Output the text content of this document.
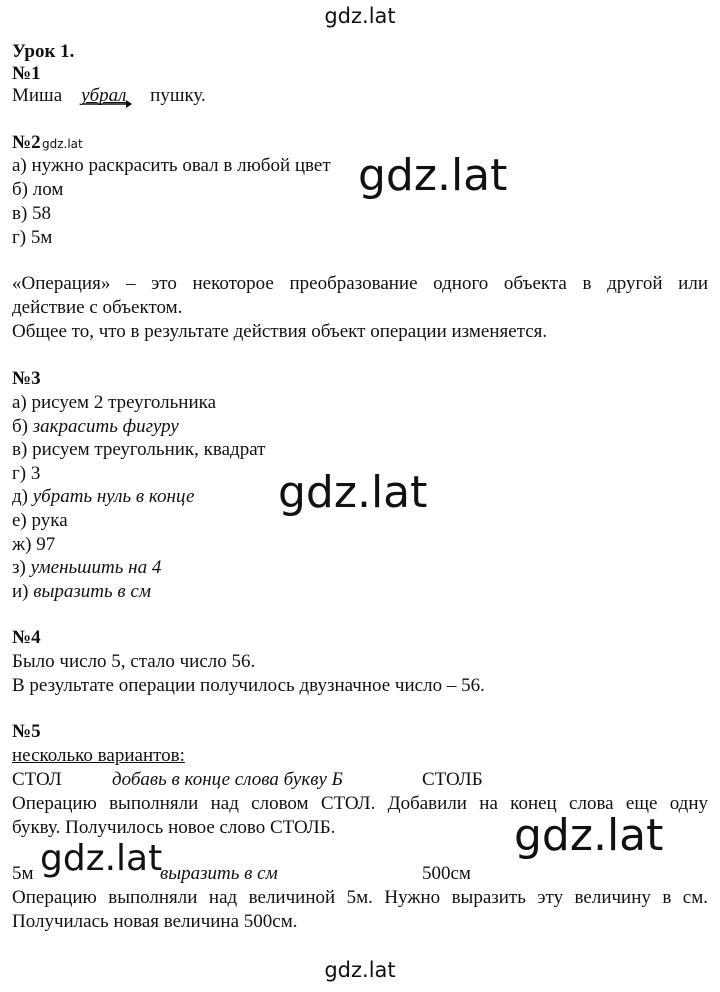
gdz.lat
gdz.lat
gdz.lat
gdz.lat
gdz.lat
gdz.lat
gdz.lat
Урок 1.
№1
Миша убрал пушку.
№2
а) нужно раскрасить овал в любой цвет
б) лом
в) 58
г) 5м
«Операция» – это некоторое преобразование одного объекта в другой или
действие с объектом.
Общее то, что в результате действия объект операции изменяется.
№3
а) рисуем 2 треугольника
б) закрасить фигуру
в) рисуем треугольник, квадрат
г) 3
д) убрать нуль в конце
е) рука
ж) 97
з) уменьшить на 4
и) выразить в см
№4
Было число 5, стало число 56.
В результате операции получилось двузначное число – 56.
№5
несколько вариантов:
СТОЛ	добавь в конце слова букву Б	СТОЛБ
Операцию выполняли над словом СТОЛ. Добавили на конец слова еще одну
букву. Получилось новое слово СТОЛБ.
5м	выразить в см	500см
Операцию выполняли над величиной 5м. Нужно выразить эту величину в см.
Получилась новая величина 500см.
